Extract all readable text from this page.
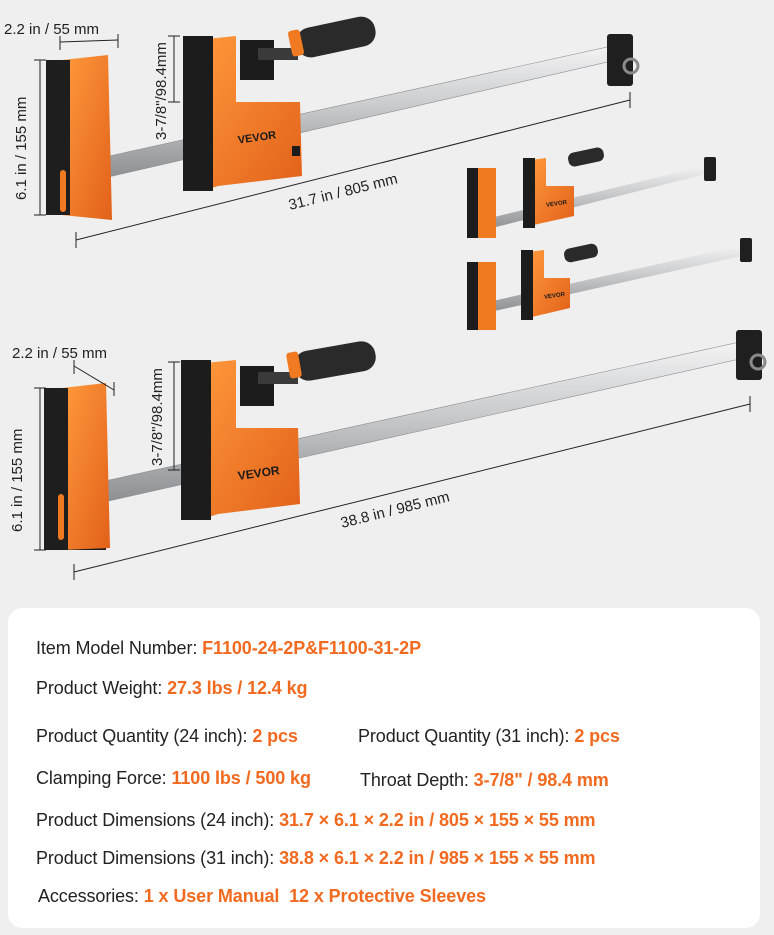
VEVOR
2.2 in / 55 mm
6.1 in / 155 mm
3-7/8"/98.4mm
31.7 in / 805 mm	VEVOR
VEVOR
VEVOR
2.2 in / 55 mm
6.1 in / 155 mm
3-7/8"/98.4mm
38.8 in / 985 mm
Item Model Number: F1100-24-2P&F1100-31-2P
Product Weight: 27.3 lbs / 12.4 kg
Product Quantity (24 inch): 2 pcs	Product Quantity (31 inch): 2 pcs
Clamping Force: 1100 lbs / 500 kg	Throat Depth: 3-7/8" / 98.4 mm
Product Dimensions (24 inch): 31.7 × 6.1 × 2.2 in / 805 × 155 × 55 mm
Product Dimensions (31 inch): 38.8 × 6.1 × 2.2 in / 985 × 155 × 55 mm
Accessories: 1 x User Manual  12 x Protective Sleeves
